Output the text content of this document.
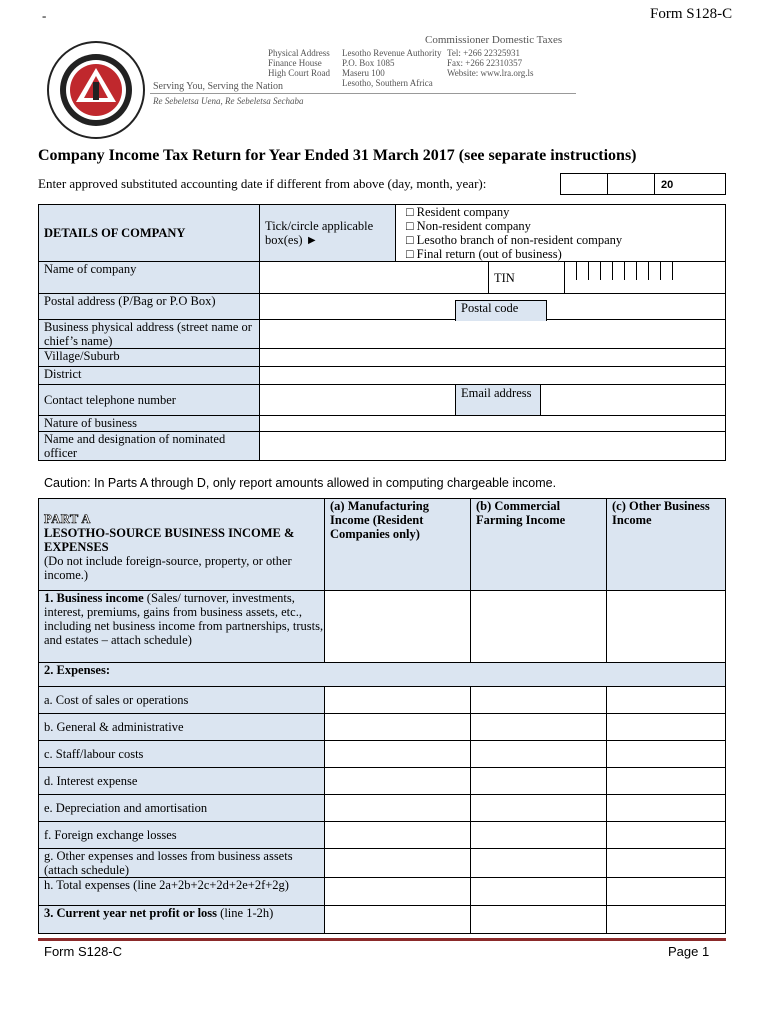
-	Form S128-C
Commissioner Domestic Taxes
Physical Address
Finance House
High Court Road
Lesotho Revenue Authority
P.O. Box 1085
Maseru 100
Lesotho, Southern Africa
Tel: +266 22325931
Fax: +266 22310357
Website: www.lra.org.ls
Serving You, Serving the Nation
Re Sebeletsa Uena, Re Sebeletsa Sechaba
Company Income Tax Return for Year Ended 31 March 2017 (see separate instructions)
Enter approved substituted accounting date if different from above (day, month, year):	20
DETAILS OF COMPANY	Tick/circle applicable box(es) ►	□ Resident company
□ Non-resident company
□ Lesotho branch of non-resident company
□ Final return (out of business)	

Name of company	TIN		

Postal address (P/Bag or P.O Box)	Postal code		

Business physical address (street name or chief’s name)			
Village/Suburb			
District			
Contact telephone number	Email address		

Nature of business			
Name and designation of nominated officer			
Caution: In Parts A through D, only report amounts allowed in computing chargeable income.
PART A
LESOTHO-SOURCE BUSINESS INCOME & EXPENSES
(Do not include foreign-source, property, or other income.)	(a) Manufacturing Income (Resident Companies only)	(b) Commercial Farming Income	(c) Other Business Income
1. Business income (Sales/ turnover, investments, interest, premiums, gains from business assets, etc., including net business income from partnerships, trusts, and estates – attach schedule)			
2. Expenses:			
a. Cost of sales or operations			
b. General & administrative			
c. Staff/labour costs			
d. Interest expense			
e. Depreciation and amortisation			
f. Foreign exchange losses			
g. Other expenses and losses from business assets (attach schedule)			
h. Total expenses (line 2a+2b+2c+2d+2e+2f+2g)			
3. Current year net profit or loss (line 1-2h)			
Form S128-C	Page 1
